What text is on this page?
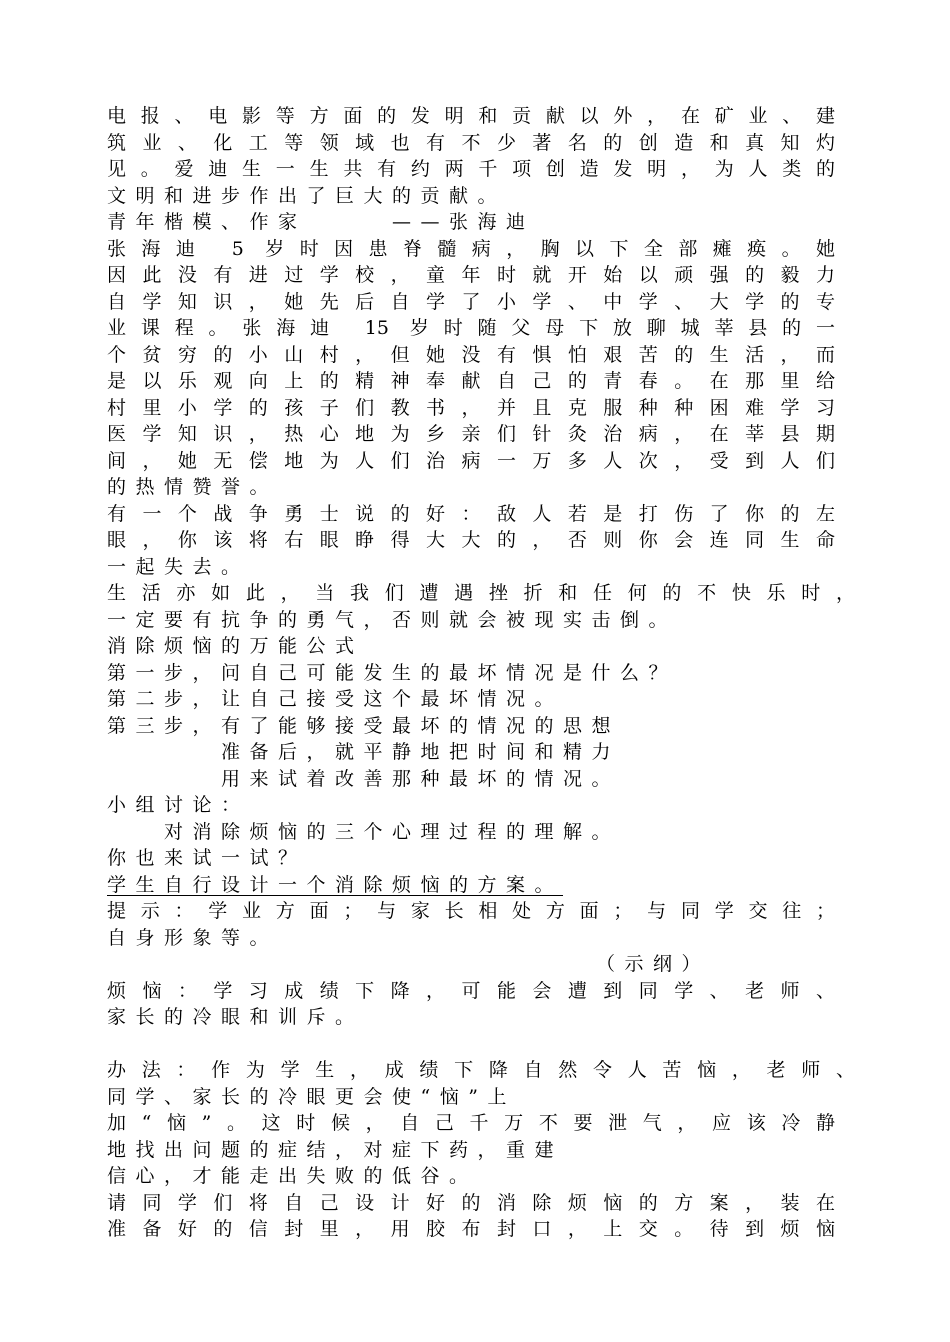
电报、电影等方面的发明和贡献以外，在矿业、建
筑业、化工等领域也有不少著名的创造和真知灼
见。爱迪生一生共有约两千项创造发明，为人类的
文明和进步作出了巨大的贡献。
青年楷模、作家　　　——张海迪
张海迪 5 岁时因患脊髓病，胸以下全部瘫痪。她
因此没有进过学校，童年时就开始以顽强的毅力
自学知识，她先后自学了小学、中学、大学的专
业课程。张海迪 15 岁时随父母下放聊城莘县的一
个贫穷的小山村，但她没有惧怕艰苦的生活，而
是以乐观向上的精神奉献自己的青春。在那里给
村里小学的孩子们教书，并且克服种种困难学习
医学知识，热心地为乡亲们针灸治病，在莘县期
间，她无偿地为人们治病一万多人次，受到人们
的热情赞誉。
有一个战争勇士说的好：敌人若是打伤了你的左
眼，你该将右眼睁得大大的，否则你会连同生命
一起失去。
生活亦如此，当我们遭遇挫折和任何的不快乐时，
一定要有抗争的勇气，否则就会被现实击倒。
消除烦恼的万能公式
第一步，问自己可能发生的最坏情况是什么？
第二步，让自己接受这个最坏情况。
第三步，有了能够接受最坏的情况的思想
　　　　准备后，就平静地把时间和精力
　　　　用来试着改善那种最坏的情况。
小组讨论：
　　对消除烦恼的三个心理过程的理解。
你也来试一试？
学生自行设计一个消除烦恼的方案。
提示：学业方面；与家长相处方面；与同学交往；
自身形象等。
（示纲）
烦恼：学习成绩下降，可能会遭到同学、老师、
家长的冷眼和训斥。
办法：作为学生，成绩下降自然令人苦恼，老师、
同学、家长的冷眼更会使“恼”上
加“恼”。这时候，自己千万不要泄气，应该冷静
地找出问题的症结，对症下药，重建
信心，才能走出失败的低谷。
请同学们将自己设计好的消除烦恼的方案，装在
准备好的信封里，用胶布封口，上交。待到烦恼
